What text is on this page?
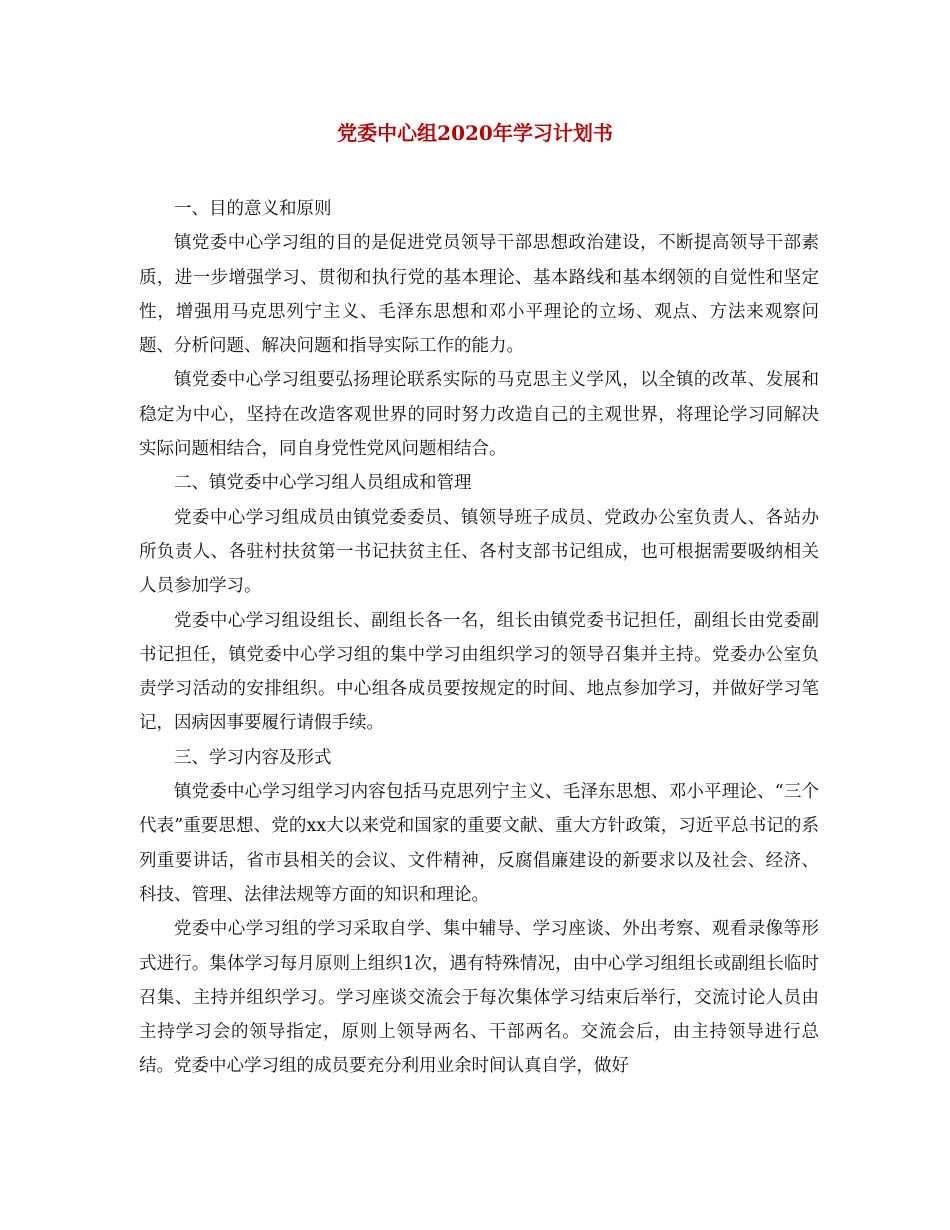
党委中心组2020年学习计划书

一、目的意义和原则

镇党委中心学习组的目的是促进党员领导干部思想政治建设，不断提高领导干部素质，进一步增强学习、贯彻和执行党的基本理论、基本路线和基本纲领的自觉性和坚定性，增强用马克思列宁主义、毛泽东思想和邓小平理论的立场、观点、方法来观察问题、分析问题、解决问题和指导实际工作的能力。

镇党委中心学习组要弘扬理论联系实际的马克思主义学风，以全镇的改革、发展和稳定为中心，坚持在改造客观世界的同时努力改造自己的主观世界，将理论学习同解决实际问题相结合，同自身党性党风问题相结合。

二、镇党委中心学习组人员组成和管理

党委中心学习组成员由镇党委委员、镇领导班子成员、党政办公室负责人、各站办所负责人、各驻村扶贫第一书记扶贫主任、各村支部书记组成，也可根据需要吸纳相关人员参加学习。

党委中心学习组设组长、副组长各一名，组长由镇党委书记担任，副组长由党委副书记担任，镇党委中心学习组的集中学习由组织学习的领导召集并主持。党委办公室负责学习活动的安排组织。中心组各成员要按规定的时间、地点参加学习，并做好学习笔记，因病因事要履行请假手续。

三、学习内容及形式

镇党委中心学习组学习内容包括马克思列宁主义、毛泽东思想、邓小平理论、“三个代表”重要思想、党的xx大以来党和国家的重要文献、重大方针政策，习近平总书记的系列重要讲话，省市县相关的会议、文件精神，反腐倡廉建设的新要求以及社会、经济、科技、管理、法律法规等方面的知识和理论。

党委中心学习组的学习采取自学、集中辅导、学习座谈、外出考察、观看录像等形式进行。集体学习每月原则上组织1次，遇有特殊情况，由中心学习组组长或副组长临时召集、主持并组织学习。学习座谈交流会于每次集体学习结束后举行，交流讨论人员由主持学习会的领导指定，原则上领导两名、干部两名。交流会后，由主持领导进行总结。党委中心学习组的成员要充分利用业余时间认真自学，做好
